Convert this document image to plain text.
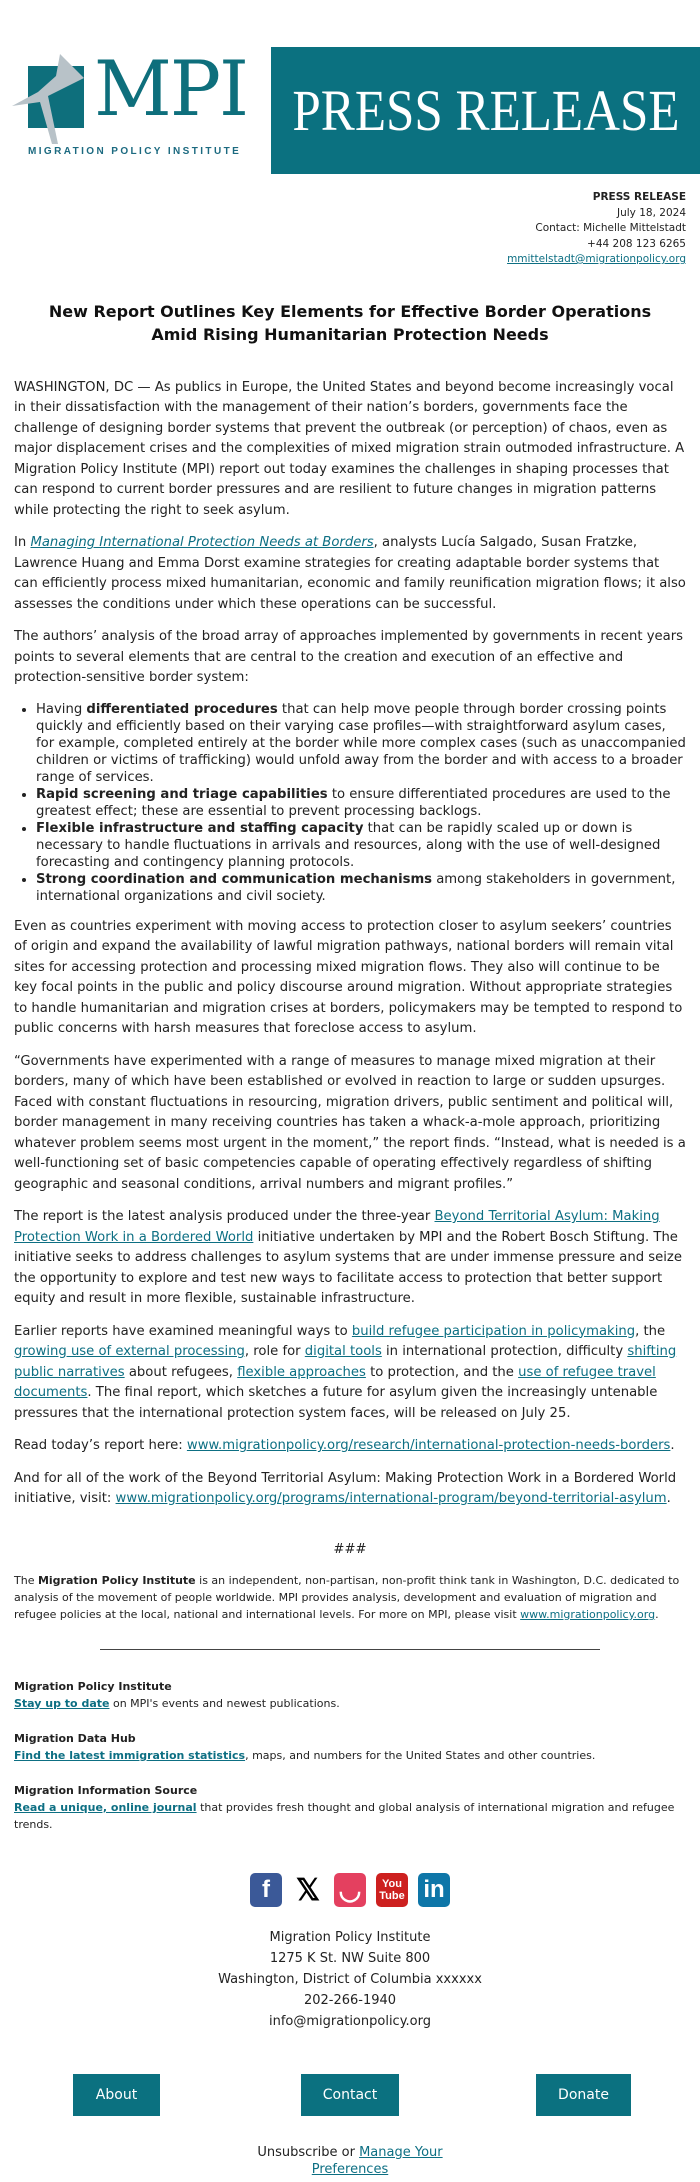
MPI
MIGRATION POLICY INSTITUTE
PRESS RELEASE
PRESS RELEASE
July 18, 2024
Contact: Michelle Mittelstadt
+44 208 123 6265
mmittelstadt@migrationpolicy.org
New Report Outlines Key Elements for Effective Border Operations Amid Rising Humanitarian Protection Needs

WASHINGTON, DC — As publics in Europe, the United States and beyond become increasingly vocal in their dissatisfaction with the management of their nation’s borders, governments face the challenge of designing border systems that prevent the outbreak (or perception) of chaos, even as major displacement crises and the complexities of mixed migration strain outmoded infrastructure. A Migration Policy Institute (MPI) report out today examines the challenges in shaping processes that can respond to current border pressures and are resilient to future changes in migration patterns while protecting the right to seek asylum.

In Managing International Protection Needs at Borders, analysts Lucía Salgado, Susan Fratzke, Lawrence Huang and Emma Dorst examine strategies for creating adaptable border systems that can efficiently process mixed humanitarian, economic and family reunification migration flows; it also assesses the conditions under which these operations can be successful.

The authors’ analysis of the broad array of approaches implemented by governments in recent years points to several elements that are central to the creation and execution of an effective and protection-sensitive border system:

• Having differentiated procedures that can help move people through border crossing points quickly and efficiently based on their varying case profiles—with straightforward asylum cases, for example, completed entirely at the border while more complex cases (such as unaccompanied children or victims of trafficking) would unfold away from the border and with access to a broader range of services.
• Rapid screening and triage capabilities to ensure differentiated procedures are used to the greatest effect; these are essential to prevent processing backlogs.
• Flexible infrastructure and staffing capacity that can be rapidly scaled up or down is necessary to handle fluctuations in arrivals and resources, along with the use of well-designed forecasting and contingency planning protocols.
• Strong coordination and communication mechanisms among stakeholders in government, international organizations and civil society.

Even as countries experiment with moving access to protection closer to asylum seekers’ countries of origin and expand the availability of lawful migration pathways, national borders will remain vital sites for accessing protection and processing mixed migration flows. They also will continue to be key focal points in the public and policy discourse around migration. Without appropriate strategies to handle humanitarian and migration crises at borders, policymakers may be tempted to respond to public concerns with harsh measures that foreclose access to asylum.

“Governments have experimented with a range of measures to manage mixed migration at their borders, many of which have been established or evolved in reaction to large or sudden upsurges. Faced with constant fluctuations in resourcing, migration drivers, public sentiment and political will, border management in many receiving countries has taken a whack-a-mole approach, prioritizing whatever problem seems most urgent in the moment,” the report finds. “Instead, what is needed is a well-functioning set of basic competencies capable of operating effectively regardless of shifting geographic and seasonal conditions, arrival numbers and migrant profiles.”

The report is the latest analysis produced under the three-year Beyond Territorial Asylum: Making Protection Work in a Bordered World initiative undertaken by MPI and the Robert Bosch Stiftung. The initiative seeks to address challenges to asylum systems that are under immense pressure and seize the opportunity to explore and test new ways to facilitate access to protection that better support equity and result in more flexible, sustainable infrastructure.

Earlier reports have examined meaningful ways to build refugee participation in policymaking, the growing use of external processing, role for digital tools in international protection, difficulty shifting public narratives about refugees, flexible approaches to protection, and the use of refugee travel documents. The final report, which sketches a future for asylum given the increasingly untenable pressures that the international protection system faces, will be released on July 25.

Read today’s report here: www.migrationpolicy.org/research/international-protection-needs-borders.

And for all of the work of the Beyond Territorial Asylum: Making Protection Work in a Bordered World initiative, visit: www.migrationpolicy.org/programs/international-program/beyond-territorial-asylum.

###

The Migration Policy Institute is an independent, non-partisan, non-profit think tank in Washington, D.C. dedicated to analysis of the movement of people worldwide. MPI provides analysis, development and evaluation of migration and refugee policies at the local, national and international levels. For more on MPI, please visit www.migrationpolicy.org.

Migration Policy Institute
Stay up to date on MPI's events and newest publications.
Migration Data Hub
Find the latest immigration statistics, maps, and numbers for the United States and other countries.
Migration Information Source
Read a unique, online journal that provides fresh thought and global analysis of international migration and refugee trends.
f 𝕏 ◡	You Tube in
Migration Policy Institute
1275 K St. NW Suite 800
Washington, District of Columbia xxxxxx
202-266-1940
info@migrationpolicy.org
About	Contact	Donate
Unsubscribe or Manage Your Preferences
